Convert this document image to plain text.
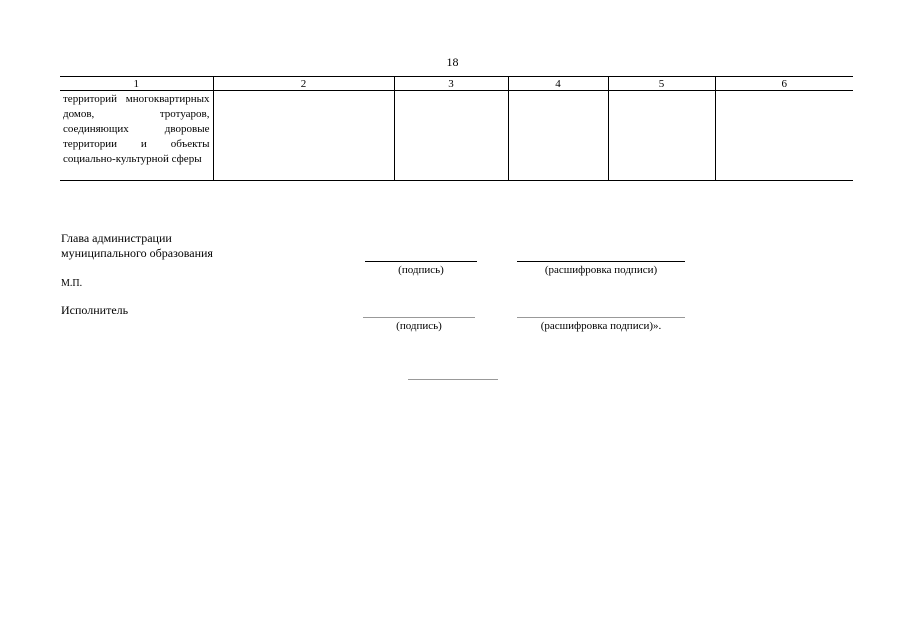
18
1	2	3	4	5	6

территорий многоквартирных домов, тротуаров, соединяющих дворовые территории и объекты социально-культурной сферы					

Глава администрации
муниципального образования
(подпись)	(расшифровка подписи)
М.П.
Исполнитель
(подпись)	(расшифровка подписи)».
